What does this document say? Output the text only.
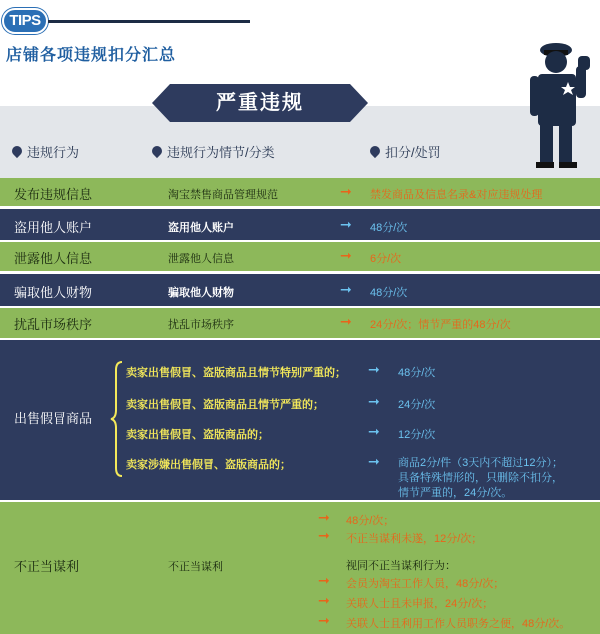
TIPS
店铺各项违规扣分汇总
严重违规
违规行为	违规行为情节/分类	扣分/处罚
发布违规信息	淘宝禁售商品管理规范	➞ 禁发商品及信息名录&对应违规处理
盗用他人账户	盗用他人账户	➞ 48分/次
泄露他人信息	泄露他人信息	➞ 6分/次
骗取他人财物	骗取他人财物	➞ 48分/次
扰乱市场秩序	扰乱市场秩序	➞ 24分/次；情节严重的48分/次
出售假冒商品
卖家出售假冒、盗版商品且情节特别严重的； ➞ 48分/次
卖家出售假冒、盗版商品且情节严重的；	➞ 24分/次
卖家出售假冒、盗版商品的；	➞ 12分/次
卖家涉嫌出售假冒、盗版商品的；	➞ 商品2分/件（3天内不超过12分）；
具备特殊情形的，只删除不扣分，
情节严重的，24分/次。
不正当谋利	不正当谋利
➞ 48分/次；
➞ 不正当谋利未遂，12分/次；
视同不正当谋利行为：
➞ 会员为淘宝工作人员，48分/次；
➞ 关联人士且未申报，24分/次；
➞ 关联人士且利用工作人员职务之便，48分/次。
